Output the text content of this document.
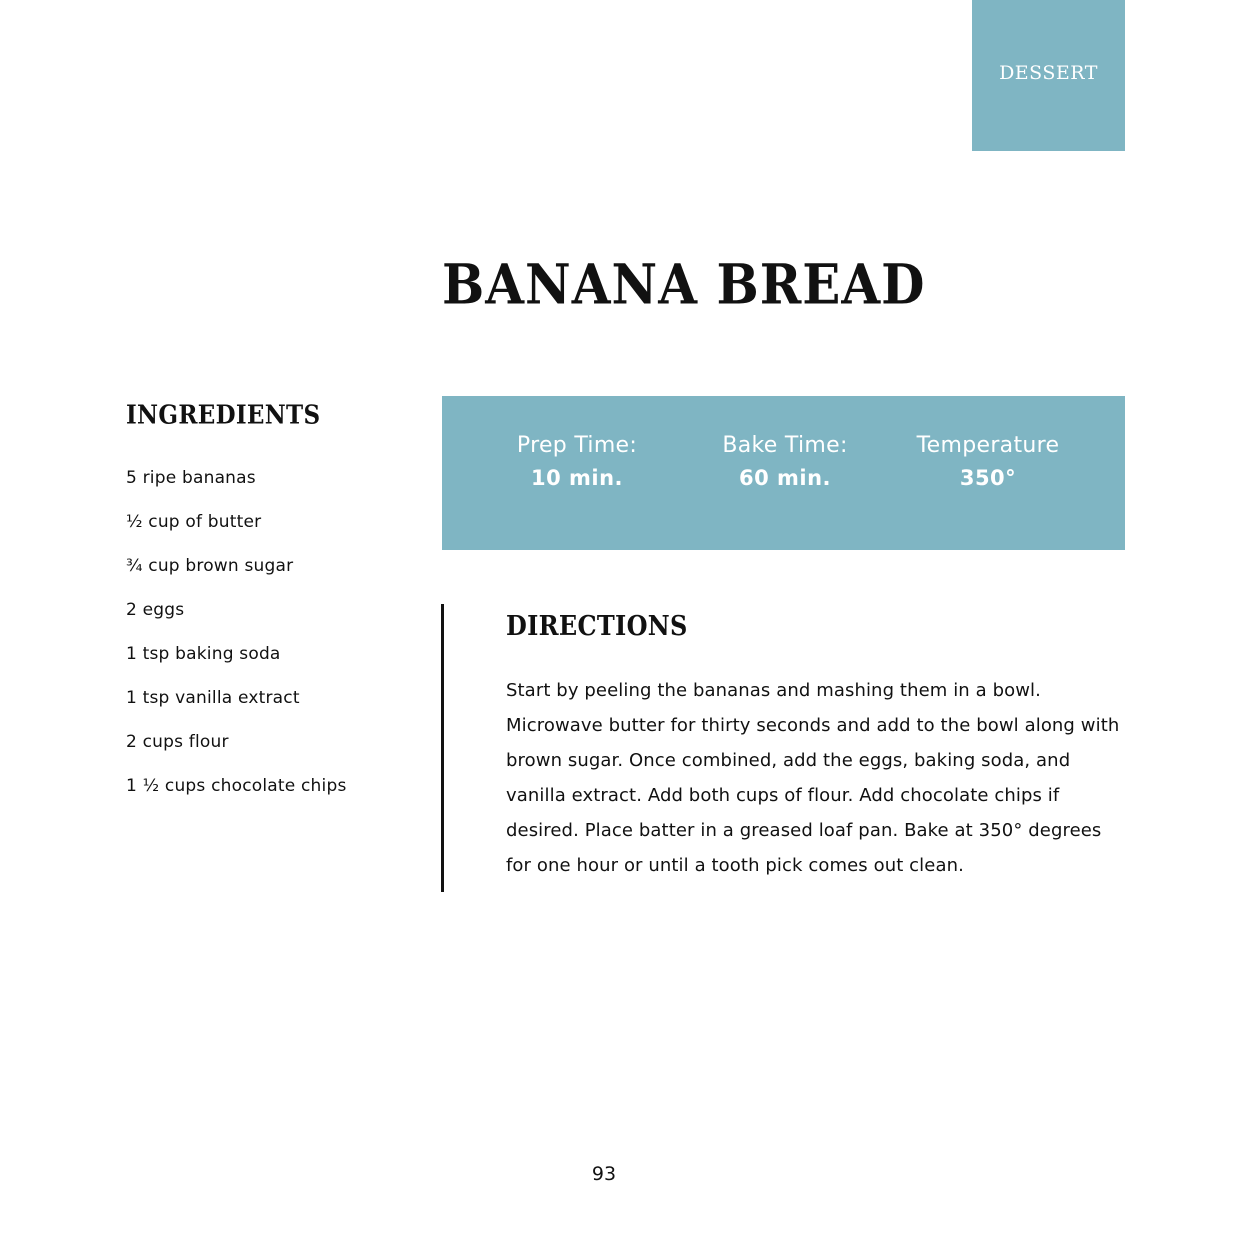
DESSERT
BANANA BREAD
INGREDIENTS
5 ripe bananas
½ cup of butter
¾ cup brown sugar
2 eggs
1 tsp baking soda
1 tsp vanilla extract
2 cups flour
1 ½ cups chocolate chips
Prep Time:
10 min.
Bake Time:
60 min.
Temperature
350°
DIRECTIONS

Start by peeling the bananas and mashing them in a bowl. Microwave butter for thirty seconds and add to the bowl along with brown sugar. Once combined, add the eggs, baking soda, and vanilla extract. Add both cups of flour. Add chocolate chips if desired. Place batter in a greased loaf pan. Bake at 350° degrees for one hour or until a tooth pick comes out clean.

93
